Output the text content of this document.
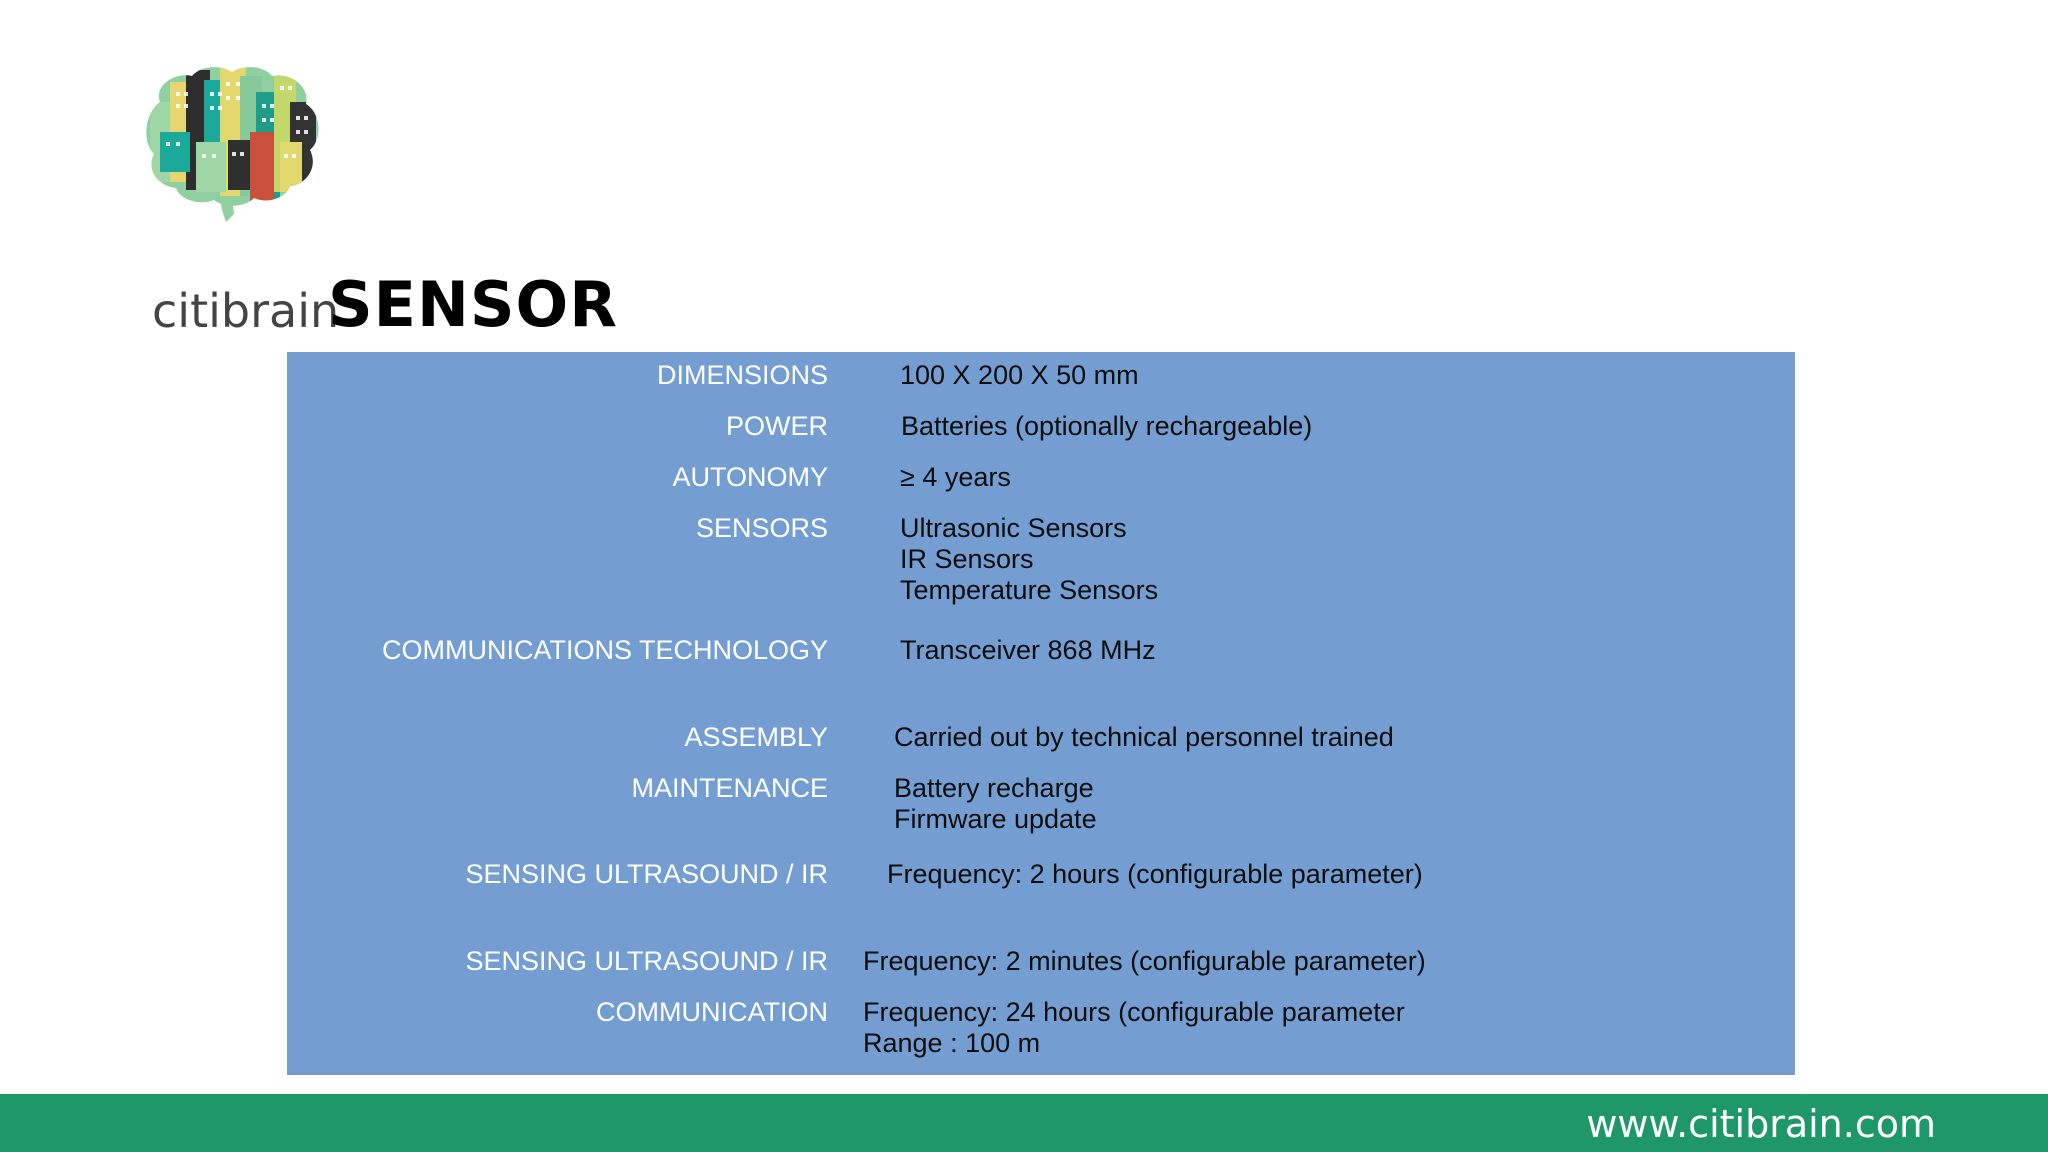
citibrain
SENSOR
DIMENSIONS	100 X 200 X 50 mm
POWER	Batteries (optionally rechargeable)
AUTONOMY	≥ 4 years
SENSORS	Ultrasonic Sensors
IR Sensors
Temperature Sensors
COMMUNICATIONS TECHNOLOGY	Transceiver 868 MHz
ASSEMBLY Carried out by technical personnel trained
MAINTENANCE Battery recharge
Firmware update
SENSING ULTRASOUND / IR Frequency: 2 hours (configurable parameter)
SENSING ULTRASOUND / IR Frequency: 2 minutes (configurable parameter)
COMMUNICATION Frequency: 24 hours (configurable parameter
Range : 100 m
www.citibrain.com
